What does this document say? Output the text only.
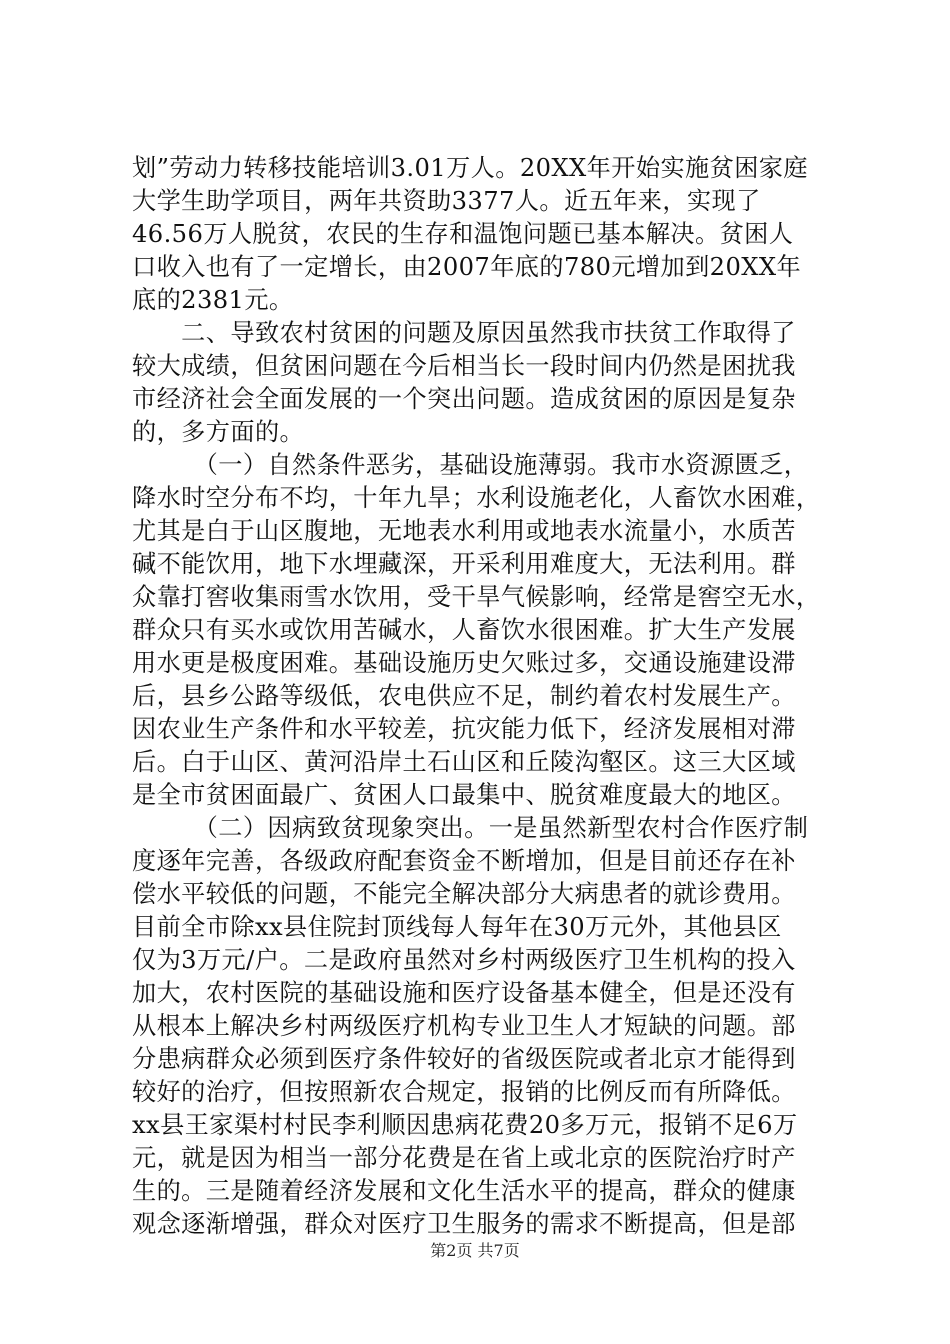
划”劳动力转移技能培训3.01万人。20XX年开始实施贫困家庭
大学生助学项目，两年共资助3377人。近五年来，实现了
46.56万人脱贫，农民的生存和温饱问题已基本解决。贫困人
口收入也有了一定增长，由2007年底的780元增加到20XX年
底的2381元。
　　二、导致农村贫困的问题及原因虽然我市扶贫工作取得了
较大成绩，但贫困问题在今后相当长一段时间内仍然是困扰我
市经济社会全面发展的一个突出问题。造成贫困的原因是复杂
的，多方面的。
　　　（一）自然条件恶劣，基础设施薄弱。我市水资源匮乏，
降水时空分布不均，十年九旱；水利设施老化，人畜饮水困难，
尤其是白于山区腹地，无地表水利用或地表水流量小，水质苦
碱不能饮用，地下水埋藏深，开采利用难度大，无法利用。群
众靠打窖收集雨雪水饮用，受干旱气候影响，经常是窖空无水，
群众只有买水或饮用苦碱水，人畜饮水很困难。扩大生产发展
用水更是极度困难。基础设施历史欠账过多，交通设施建设滞
后，县乡公路等级低，农电供应不足，制约着农村发展生产。
因农业生产条件和水平较差，抗灾能力低下，经济发展相对滞
后。白于山区、黄河沿岸土石山区和丘陵沟壑区。这三大区域
是全市贫困面最广、贫困人口最集中、脱贫难度最大的地区。
　　　（二）因病致贫现象突出。一是虽然新型农村合作医疗制
度逐年完善，各级政府配套资金不断增加，但是目前还存在补
偿水平较低的问题，不能完全解决部分大病患者的就诊费用。
目前全市除xx县住院封顶线每人每年在30万元外，其他县区
仅为3万元/户。二是政府虽然对乡村两级医疗卫生机构的投入
加大，农村医院的基础设施和医疗设备基本健全，但是还没有
从根本上解决乡村两级医疗机构专业卫生人才短缺的问题。部
分患病群众必须到医疗条件较好的省级医院或者北京才能得到
较好的治疗，但按照新农合规定，报销的比例反而有所降低。
xx县王家渠村村民李利顺因患病花费20多万元，报销不足6万
元，就是因为相当一部分花费是在省上或北京的医院治疗时产
生的。三是随着经济发展和文化生活水平的提高，群众的健康
观念逐渐增强，群众对医疗卫生服务的需求不断提高，但是部
第2页 共7页
